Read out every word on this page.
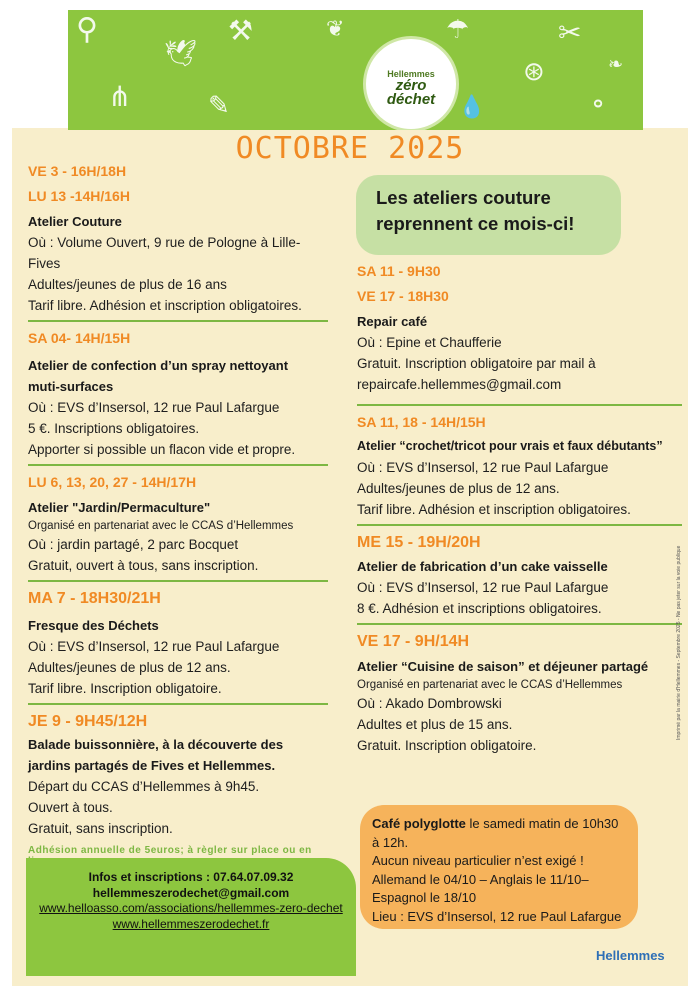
⚲	⚒
🕊
⋔	✎
❦	☂	✂
⊛
💧	⚬
❧
Hellemmes
zéro
déchet
OCTOBRE 2025
VE 3 - 16H/18H
LU 13 -14H/16H
Atelier Couture
Où : Volume Ouvert, 9 rue de Pologne à Lille-Fives
Adultes/jeunes de plus de 16 ans
Tarif libre. Adhésion et inscription obligatoires.
SA 04- 14H/15H
Atelier de confection d’un spray nettoyant muti-surfaces
Où : EVS d’Insersol, 12 rue Paul Lafargue
5 €. Inscriptions obligatoires.
Apporter si possible un flacon vide et propre.
LU 6, 13, 20, 27 - 14H/17H
Atelier "Jardin/Permaculture"
Organisé en partenariat avec le CCAS d’Hellemmes
Où : jardin partagé, 2 parc Bocquet
Gratuit, ouvert à tous, sans inscription.
MA 7 - 18H30/21H
Fresque des Déchets
Où : EVS d’Insersol, 12 rue Paul Lafargue
Adultes/jeunes de plus de 12 ans.
Tarif libre. Inscription obligatoire.
JE 9 - 9H45/12H
Balade buissonnière, à la découverte des jardins partagés de Fives et Hellemmes.
Départ du CCAS d’Hellemmes à 9h45.
Ouvert à tous.
Gratuit, sans inscription.
Adhésion annuelle de 5euros; à règler sur place ou en
Les ateliers couture
reprennent ce mois-ci!
SA 11 - 9H30
VE 17 - 18H30
Repair café
Où : Epine et Chaufferie
Gratuit. Inscription obligatoire par mail à
repaircafe.hellemmes@gmail.com
SA 11, 18 - 14H/15H
Atelier “crochet/tricot pour vrais et faux débutants”
Où : EVS d’Insersol, 12 rue Paul Lafargue
Adultes/jeunes de plus de 12 ans.
Tarif libre. Adhésion et inscription obligatoires.
ME 15 - 19H/20H
Atelier de fabrication d’un cake vaisselle
Où : EVS d’Insersol, 12 rue Paul Lafargue
8 €. Adhésion et inscriptions obligatoires.
VE 17 - 9H/14H
Atelier “Cuisine de saison” et déjeuner partagé
Organisé en partenariat avec le CCAS d’Hellemmes
Où : Akado Dombrowski
Adultes et plus de 15 ans.
Gratuit. Inscription obligatoire.
Infos et inscriptions : 07.64.07.09.32
hellemmeszerodechet@gmail.com
www.helloasso.com/associations/hellemmes-zero-dechet
www.hellemmeszerodechet.fr
Café polyglotte le samedi matin de 10h30 à 12h.
Aucun niveau particulier n’est exigé !
Allemand le 04/10 – Anglais le 11/10– Espagnol le 18/10
Lieu : EVS d’Insersol, 12 rue Paul Lafargue
Hellemmes
